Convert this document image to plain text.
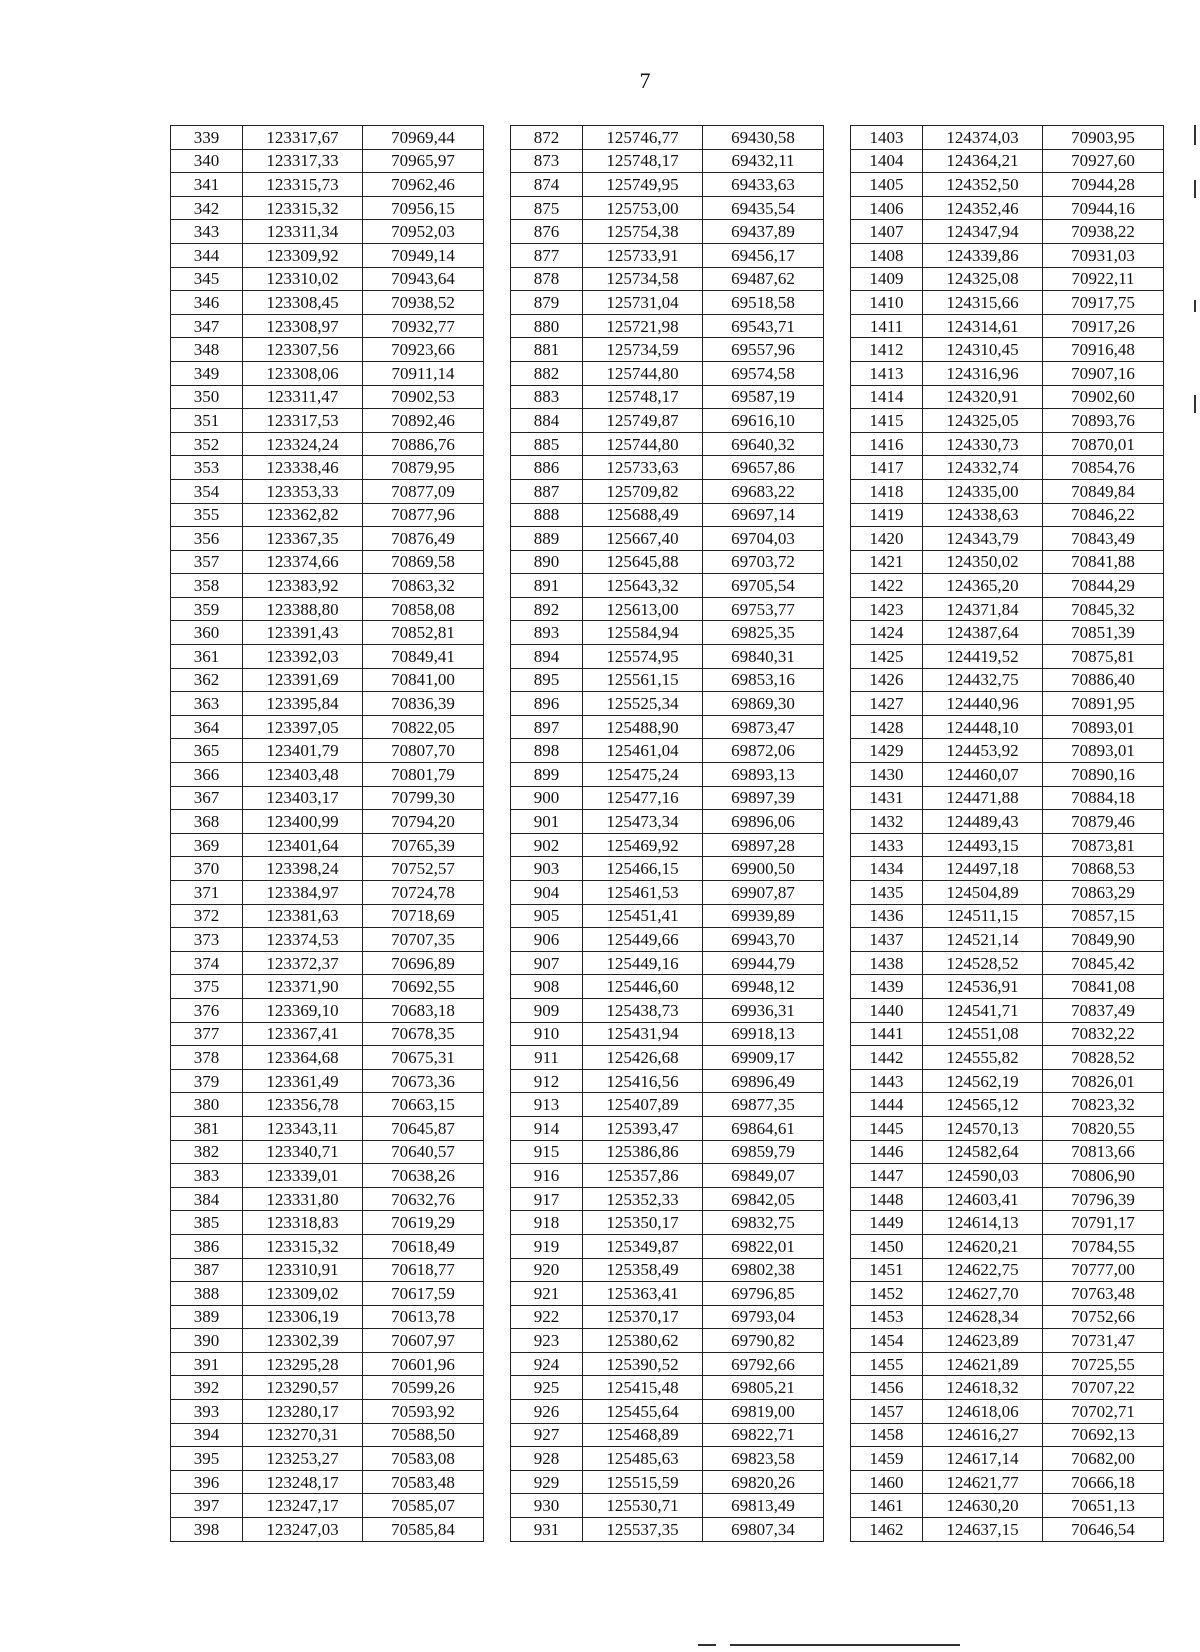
7
339	123317,67	70969,44		872	125746,77	69430,58		1403	124374,03	70903,95
340	123317,33	70965,97		873	125748,17	69432,11		1404	124364,21	70927,60
341	123315,73	70962,46		874	125749,95	69433,63		1405	124352,50	70944,28
342	123315,32	70956,15		875	125753,00	69435,54		1406	124352,46	70944,16
343	123311,34	70952,03		876	125754,38	69437,89		1407	124347,94	70938,22
344	123309,92	70949,14		877	125733,91	69456,17		1408	124339,86	70931,03
345	123310,02	70943,64		878	125734,58	69487,62		1409	124325,08	70922,11
346	123308,45	70938,52		879	125731,04	69518,58		1410	124315,66	70917,75
347	123308,97	70932,77		880	125721,98	69543,71		1411	124314,61	70917,26
348	123307,56	70923,66		881	125734,59	69557,96		1412	124310,45	70916,48
349	123308,06	70911,14		882	125744,80	69574,58		1413	124316,96	70907,16
350	123311,47	70902,53		883	125748,17	69587,19		1414	124320,91	70902,60
351	123317,53	70892,46		884	125749,87	69616,10		1415	124325,05	70893,76
352	123324,24	70886,76		885	125744,80	69640,32		1416	124330,73	70870,01
353	123338,46	70879,95		886	125733,63	69657,86		1417	124332,74	70854,76
354	123353,33	70877,09		887	125709,82	69683,22		1418	124335,00	70849,84
355	123362,82	70877,96		888	125688,49	69697,14		1419	124338,63	70846,22
356	123367,35	70876,49		889	125667,40	69704,03		1420	124343,79	70843,49
357	123374,66	70869,58		890	125645,88	69703,72		1421	124350,02	70841,88
358	123383,92	70863,32		891	125643,32	69705,54		1422	124365,20	70844,29
359	123388,80	70858,08		892	125613,00	69753,77		1423	124371,84	70845,32
360	123391,43	70852,81		893	125584,94	69825,35		1424	124387,64	70851,39
361	123392,03	70849,41		894	125574,95	69840,31		1425	124419,52	70875,81
362	123391,69	70841,00		895	125561,15	69853,16		1426	124432,75	70886,40
363	123395,84	70836,39		896	125525,34	69869,30		1427	124440,96	70891,95
364	123397,05	70822,05		897	125488,90	69873,47		1428	124448,10	70893,01
365	123401,79	70807,70		898	125461,04	69872,06		1429	124453,92	70893,01
366	123403,48	70801,79		899	125475,24	69893,13		1430	124460,07	70890,16
367	123403,17	70799,30		900	125477,16	69897,39		1431	124471,88	70884,18
368	123400,99	70794,20		901	125473,34	69896,06		1432	124489,43	70879,46
369	123401,64	70765,39		902	125469,92	69897,28		1433	124493,15	70873,81
370	123398,24	70752,57		903	125466,15	69900,50		1434	124497,18	70868,53
371	123384,97	70724,78		904	125461,53	69907,87		1435	124504,89	70863,29
372	123381,63	70718,69		905	125451,41	69939,89		1436	124511,15	70857,15
373	123374,53	70707,35		906	125449,66	69943,70		1437	124521,14	70849,90
374	123372,37	70696,89		907	125449,16	69944,79		1438	124528,52	70845,42
375	123371,90	70692,55		908	125446,60	69948,12		1439	124536,91	70841,08
376	123369,10	70683,18		909	125438,73	69936,31		1440	124541,71	70837,49
377	123367,41	70678,35		910	125431,94	69918,13		1441	124551,08	70832,22
378	123364,68	70675,31		911	125426,68	69909,17		1442	124555,82	70828,52
379	123361,49	70673,36		912	125416,56	69896,49		1443	124562,19	70826,01
380	123356,78	70663,15		913	125407,89	69877,35		1444	124565,12	70823,32
381	123343,11	70645,87		914	125393,47	69864,61		1445	124570,13	70820,55
382	123340,71	70640,57		915	125386,86	69859,79		1446	124582,64	70813,66
383	123339,01	70638,26		916	125357,86	69849,07		1447	124590,03	70806,90
384	123331,80	70632,76		917	125352,33	69842,05		1448	124603,41	70796,39
385	123318,83	70619,29		918	125350,17	69832,75		1449	124614,13	70791,17
386	123315,32	70618,49		919	125349,87	69822,01		1450	124620,21	70784,55
387	123310,91	70618,77		920	125358,49	69802,38		1451	124622,75	70777,00
388	123309,02	70617,59		921	125363,41	69796,85		1452	124627,70	70763,48
389	123306,19	70613,78		922	125370,17	69793,04		1453	124628,34	70752,66
390	123302,39	70607,97		923	125380,62	69790,82		1454	124623,89	70731,47
391	123295,28	70601,96		924	125390,52	69792,66		1455	124621,89	70725,55
392	123290,57	70599,26		925	125415,48	69805,21		1456	124618,32	70707,22
393	123280,17	70593,92		926	125455,64	69819,00		1457	124618,06	70702,71
394	123270,31	70588,50		927	125468,89	69822,71		1458	124616,27	70692,13
395	123253,27	70583,08		928	125485,63	69823,58		1459	124617,14	70682,00
396	123248,17	70583,48		929	125515,59	69820,26		1460	124621,77	70666,18
397	123247,17	70585,07		930	125530,71	69813,49		1461	124630,20	70651,13
398	123247,03	70585,84		931	125537,35	69807,34		1462	124637,15	70646,54
